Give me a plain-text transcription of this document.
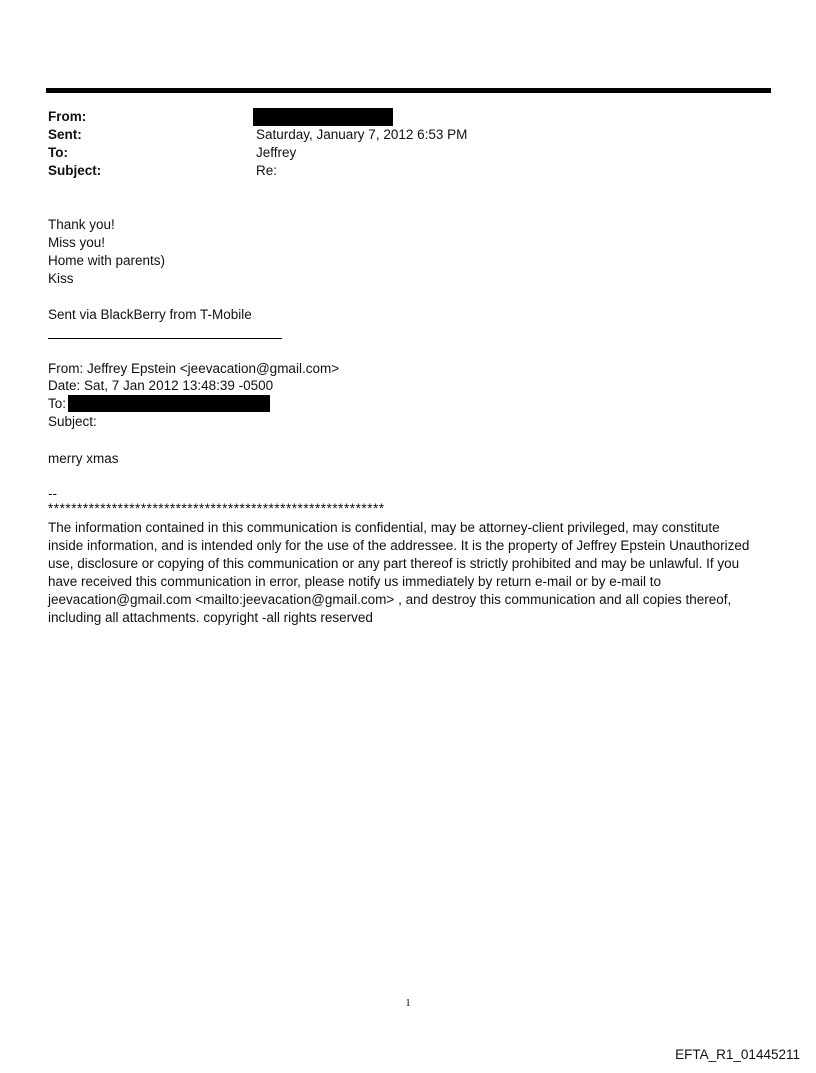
From:
Sent:	Saturday, January 7, 2012 6:53 PM
To:	Jeffrey
Subject:	Re:
Thank you!
Miss you!
Home with parents)
Kiss
Sent via BlackBerry from T-Mobile
From: Jeffrey Epstein <jeevacation@gmail.com>
Date: Sat, 7 Jan 2012 13:48:39 -0500
To:
Subject:
merry xmas
--
**********************************************************
The information contained in this communication is confidential, may be attorney-client privileged, may constitute
inside information, and is intended only for the use of the addressee. It is the property of Jeffrey Epstein Unauthorized
use, disclosure or copying of this communication or any part thereof is strictly prohibited and may be unlawful. If you
have received this communication in error, please notify us immediately by return e-mail or by e-mail to
jeevacation@gmail.com <mailto:jeevacation@gmail.com> , and destroy this communication and all copies thereof,
including all attachments. copyright -all rights reserved
1
EFTA_R1_01445211
